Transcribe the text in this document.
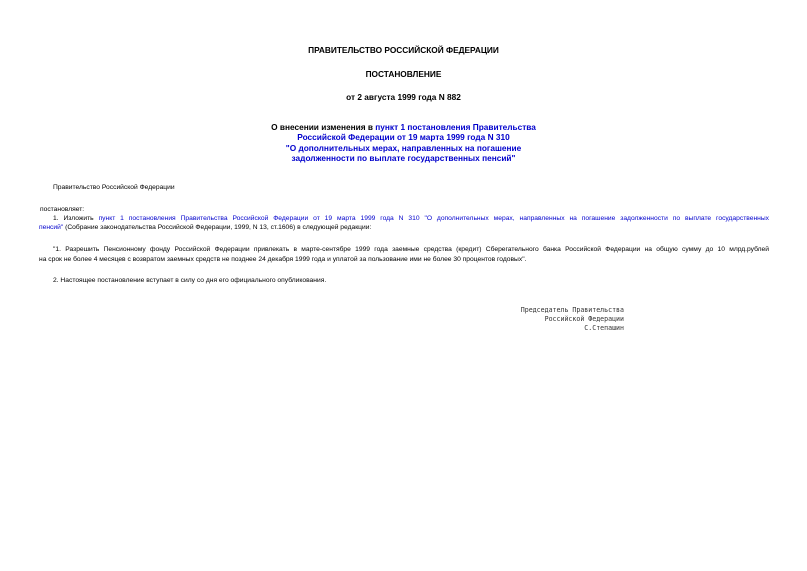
ПРАВИТЕЛЬСТВО РОССИЙСКОЙ ФЕДЕРАЦИИ
ПОСТАНОВЛЕНИЕ
от 2 августа 1999 года N 882
О внесении изменения в пункт 1 постановления Правительства
Российской Федерации от 19 марта 1999 года N 310
"О дополнительных мерах, направленных на погашение
задолженности по выплате государственных пенсий"
Правительство Российской Федерации
постановляет:
1. Изложить пункт 1 постановления Правительства Российской Федерации от 19 марта 1999 года N 310 "О дополнительных мерах, направленных на погашение задолженности по выплате государственных
пенсий" (Собрание законодательства Российской Федерации, 1999, N 13, ст.1606) в следующей редакции:
"1. Разрешить Пенсионному фонду Российской Федерации привлекать в марте-сентябре 1999 года заемные средства (кредит) Сберегательного банка Российской Федерации на общую сумму до 10 млрд.рублей
на срок не более 4 месяцев с возвратом заемных средств не позднее 24 декабря 1999 года и уплатой за пользование ими не более 30 процентов годовых".
2. Настоящее постановление вступает в силу со дня его официального опубликования.
Председатель Правительства
Российской Федерации
С.Степашин
